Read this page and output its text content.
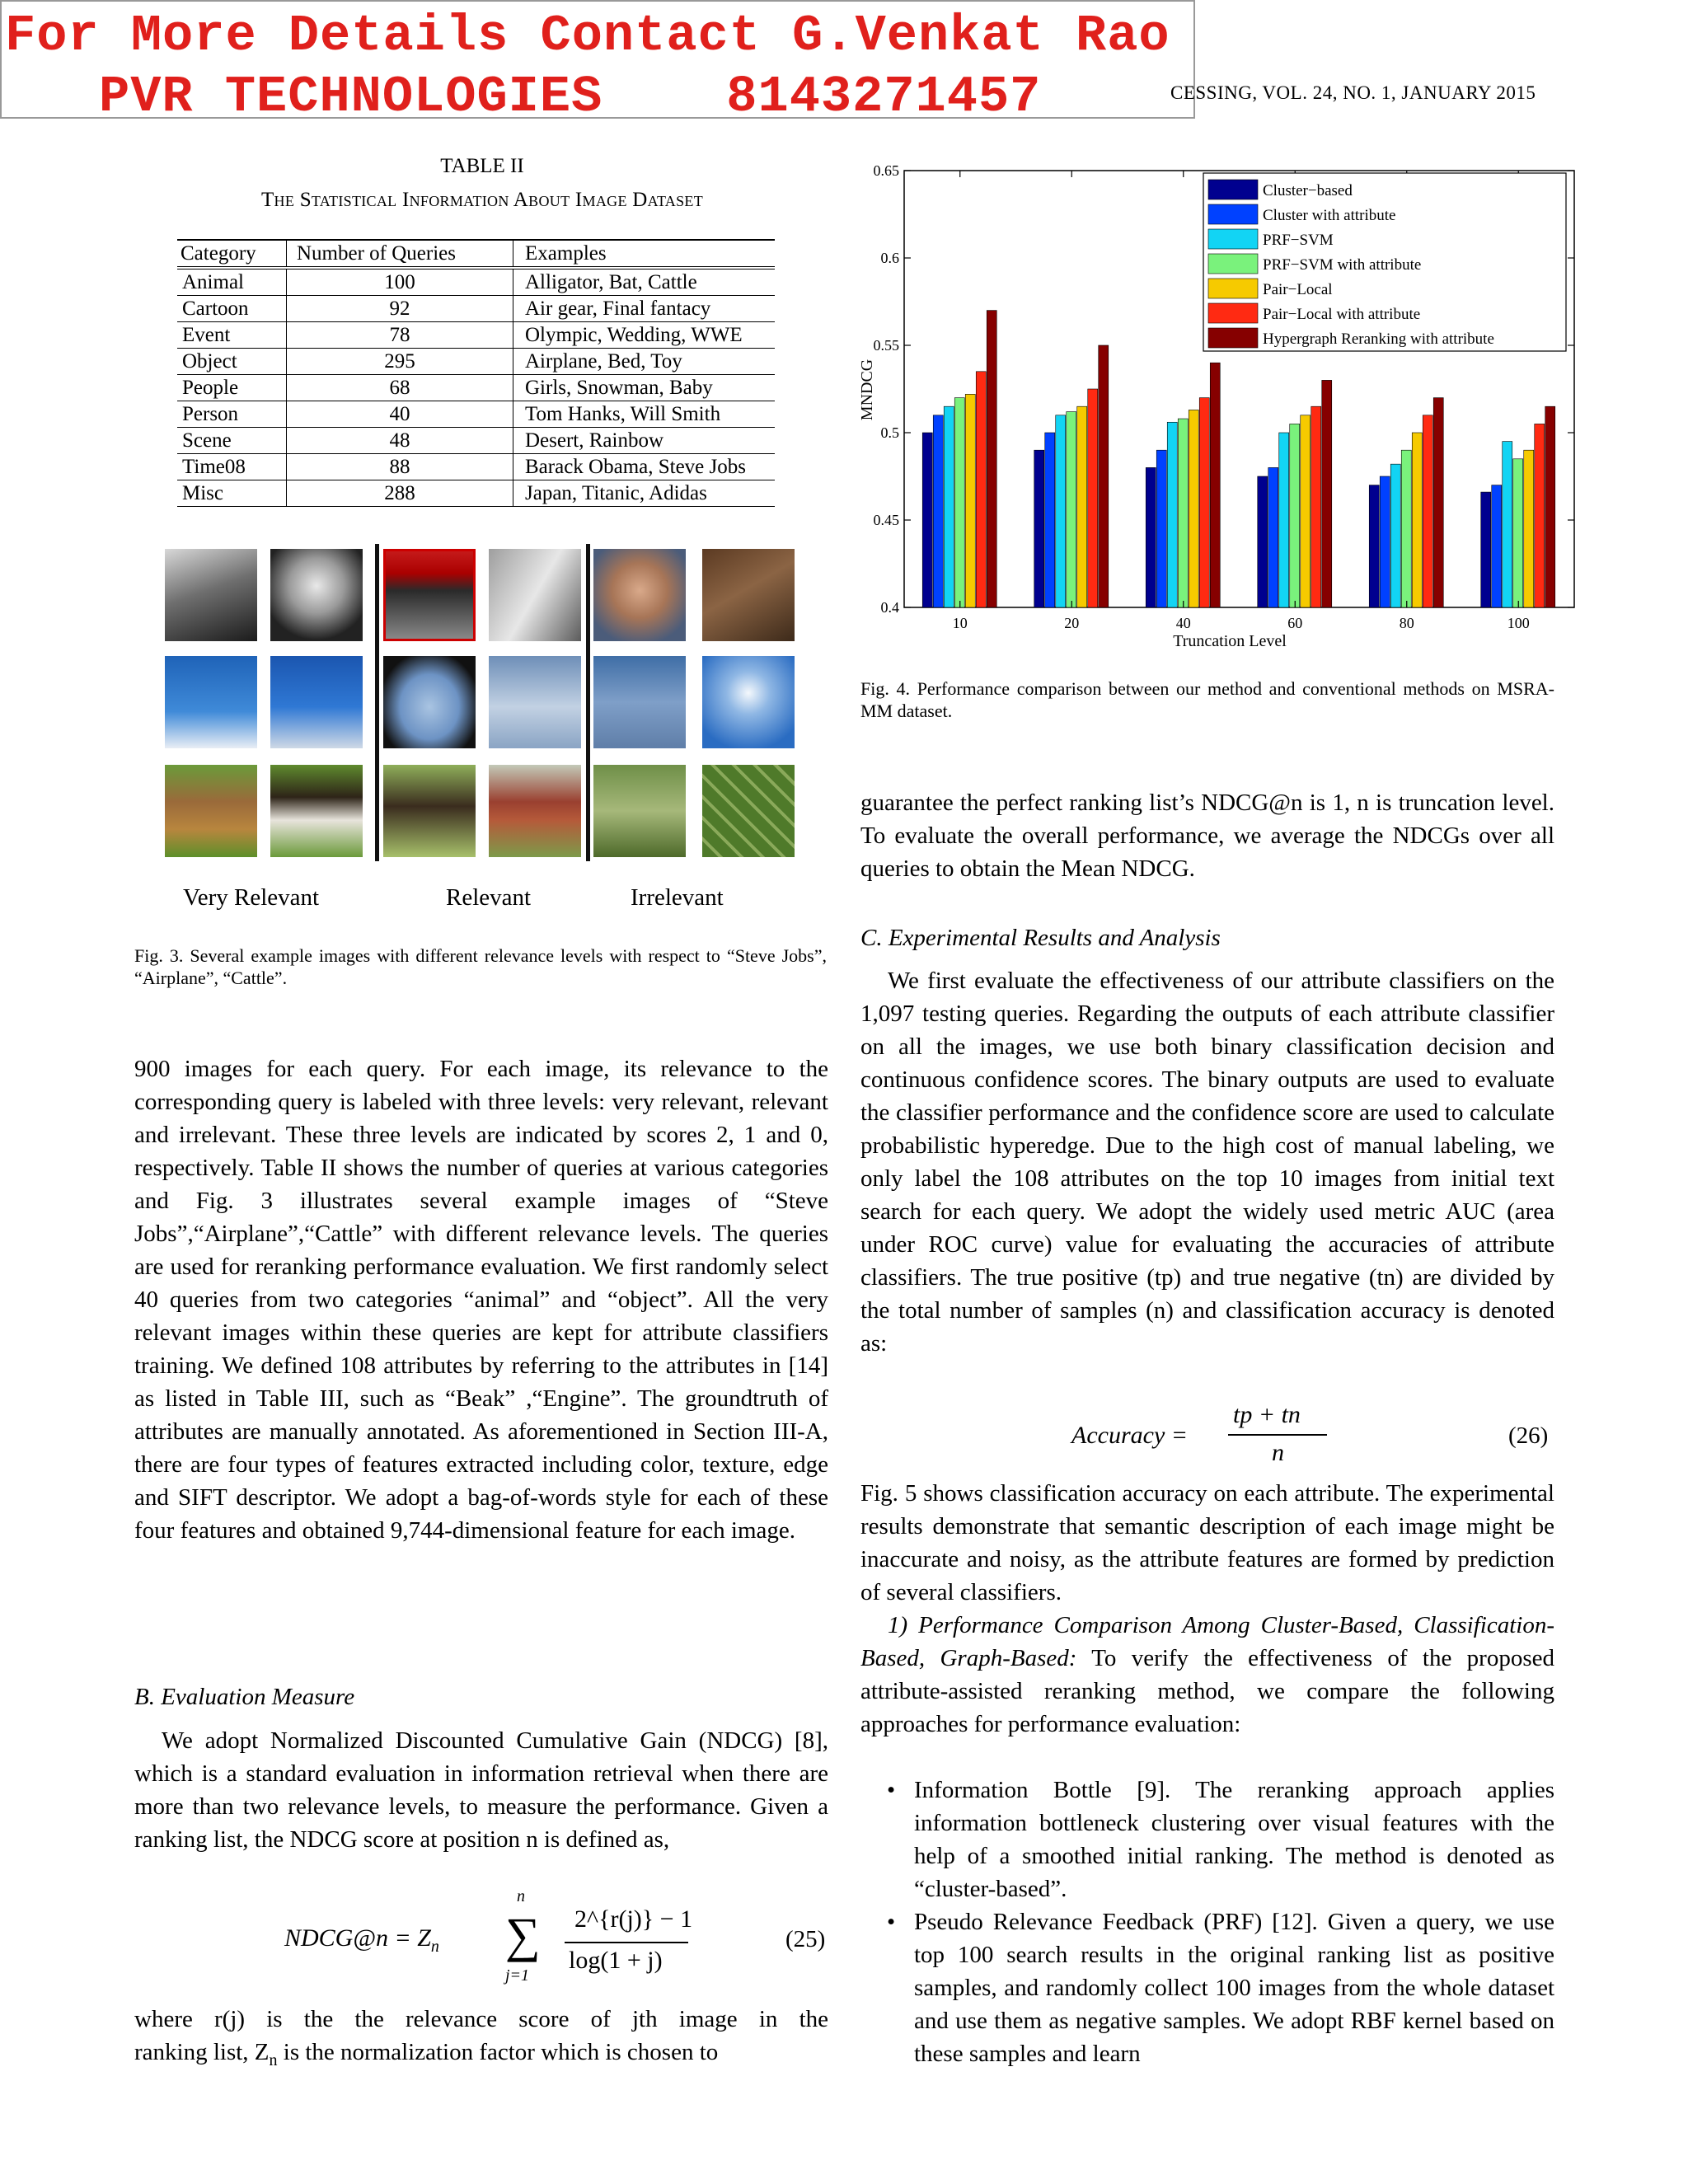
For More Details Contact G.Venkat Rao
PVR TECHNOLOGIES 8143271457	CESSING, VOL. 24, NO. 1, JANUARY 2015
TABLE II
The Statistical Information About Image Dataset
Category	Number of Queries	Examples
Animal	100	Alligator, Bat, Cattle
Cartoon	92	Air gear, Final fantacy
Event	78	Olympic, Wedding, WWE
Object	295	Airplane, Bed, Toy
People	68	Girls, Snowman, Baby
Person	40	Tom Hanks, Will Smith
Scene	48	Desert, Rainbow
Time08	88	Barack Obama, Steve Jobs
Misc	288	Japan, Titanic, Adidas
Very Relevant	Relevant	Irrelevant
Fig. 3. Several example images with different relevance levels with respect to “Steve Jobs”, “Airplane”, “Cattle”.
0.4
0.45
0.5
0.55
0.6
0.65
10	20	40	60	80	100
MNDCG
Truncation Level
Cluster−based
Cluster with attribute
PRF−SVM
PRF−SVM with attribute
Pair−Local
Pair−Local with attribute
Hypergraph Reranking with attribute
Fig. 4. Performance comparison between our method and conventional methods on MSRA-MM dataset.
900 images for each query. For each image, its relevance to the corresponding query is labeled with three levels: very relevant, relevant and irrelevant. These three levels are indicated by scores 2, 1 and 0, respectively. Table II shows the number of queries at various categories and Fig. 3 illustrates several example images of “Steve Jobs”,“Airplane”,“Cattle” with different relevance levels. The queries are used for reranking performance evaluation. We first randomly select 40 queries from two categories “animal” and “object”. All the very relevant images within these queries are kept for attribute classifiers training. We defined 108 attributes by referring to the attributes in [14] as listed in Table III, such as “Beak” ,“Engine”. The groundtruth of attributes are manually annotated. As aforementioned in Section III-A, there are four types of features extracted including color, texture, edge and SIFT descriptor. We adopt a bag-of-words style for each of these four features and obtained 9,744-dimensional feature for each image.
B. Evaluation Measure
We adopt Normalized Discounted Cumulative Gain (NDCG) [8], which is a standard evaluation in information retrieval when there are more than two relevance levels, to measure the performance. Given a ranking list, the NDCG score at position n is defined as,
NDCG@n = $Z_n$ ∑
n
j=1
2^{r(j)} − 1
log(1 + j)
(25)
where r(j) is the the relevance score of jth image in the
ranking list, $Z_n$ is the normalization factor which is chosen to
guarantee the perfect ranking list’s NDCG@n is 1, n is truncation level. To evaluate the overall performance, we average the NDCGs over all queries to obtain the Mean NDCG.
C. Experimental Results and Analysis
We first evaluate the effectiveness of our attribute classifiers on the 1,097 testing queries. Regarding the outputs of each attribute classifier on all the images, we use both binary classification decision and continuous confidence scores. The binary outputs are used to evaluate the classifier performance and the confidence score are used to calculate probabilistic hyperedge. Due to the high cost of manual labeling, we only label the 108 attributes on the top 10 images from initial text search for each query. We adopt the widely used metric AUC (area under ROC curve) value for evaluating the accuracies of attribute classifiers. The true positive (tp) and true negative (tn) are divided by the total number of samples (n) and classification accuracy is denoted as:
Accuracy =
tp + tn
n
(26)
Fig. 5 shows classification accuracy on each attribute. The experimental results demonstrate that semantic description of each image might be inaccurate and noisy, as the attribute features are formed by prediction of several classifiers.
1) Performance Comparison Among Cluster-Based, Classification-Based, Graph-Based: To verify the effectiveness of the proposed attribute-assisted reranking method, we compare the following approaches for performance evaluation:
• Information Bottle [9]. The reranking approach applies information bottleneck clustering over visual features with the help of a smoothed initial ranking. The method is denoted as “cluster-based”.
• Pseudo Relevance Feedback (PRF) [12]. Given a query, we use top 100 search results in the original ranking list as positive samples, and randomly collect 100 images from the whole dataset and use them as negative samples. We adopt RBF kernel based on these samples and learn
